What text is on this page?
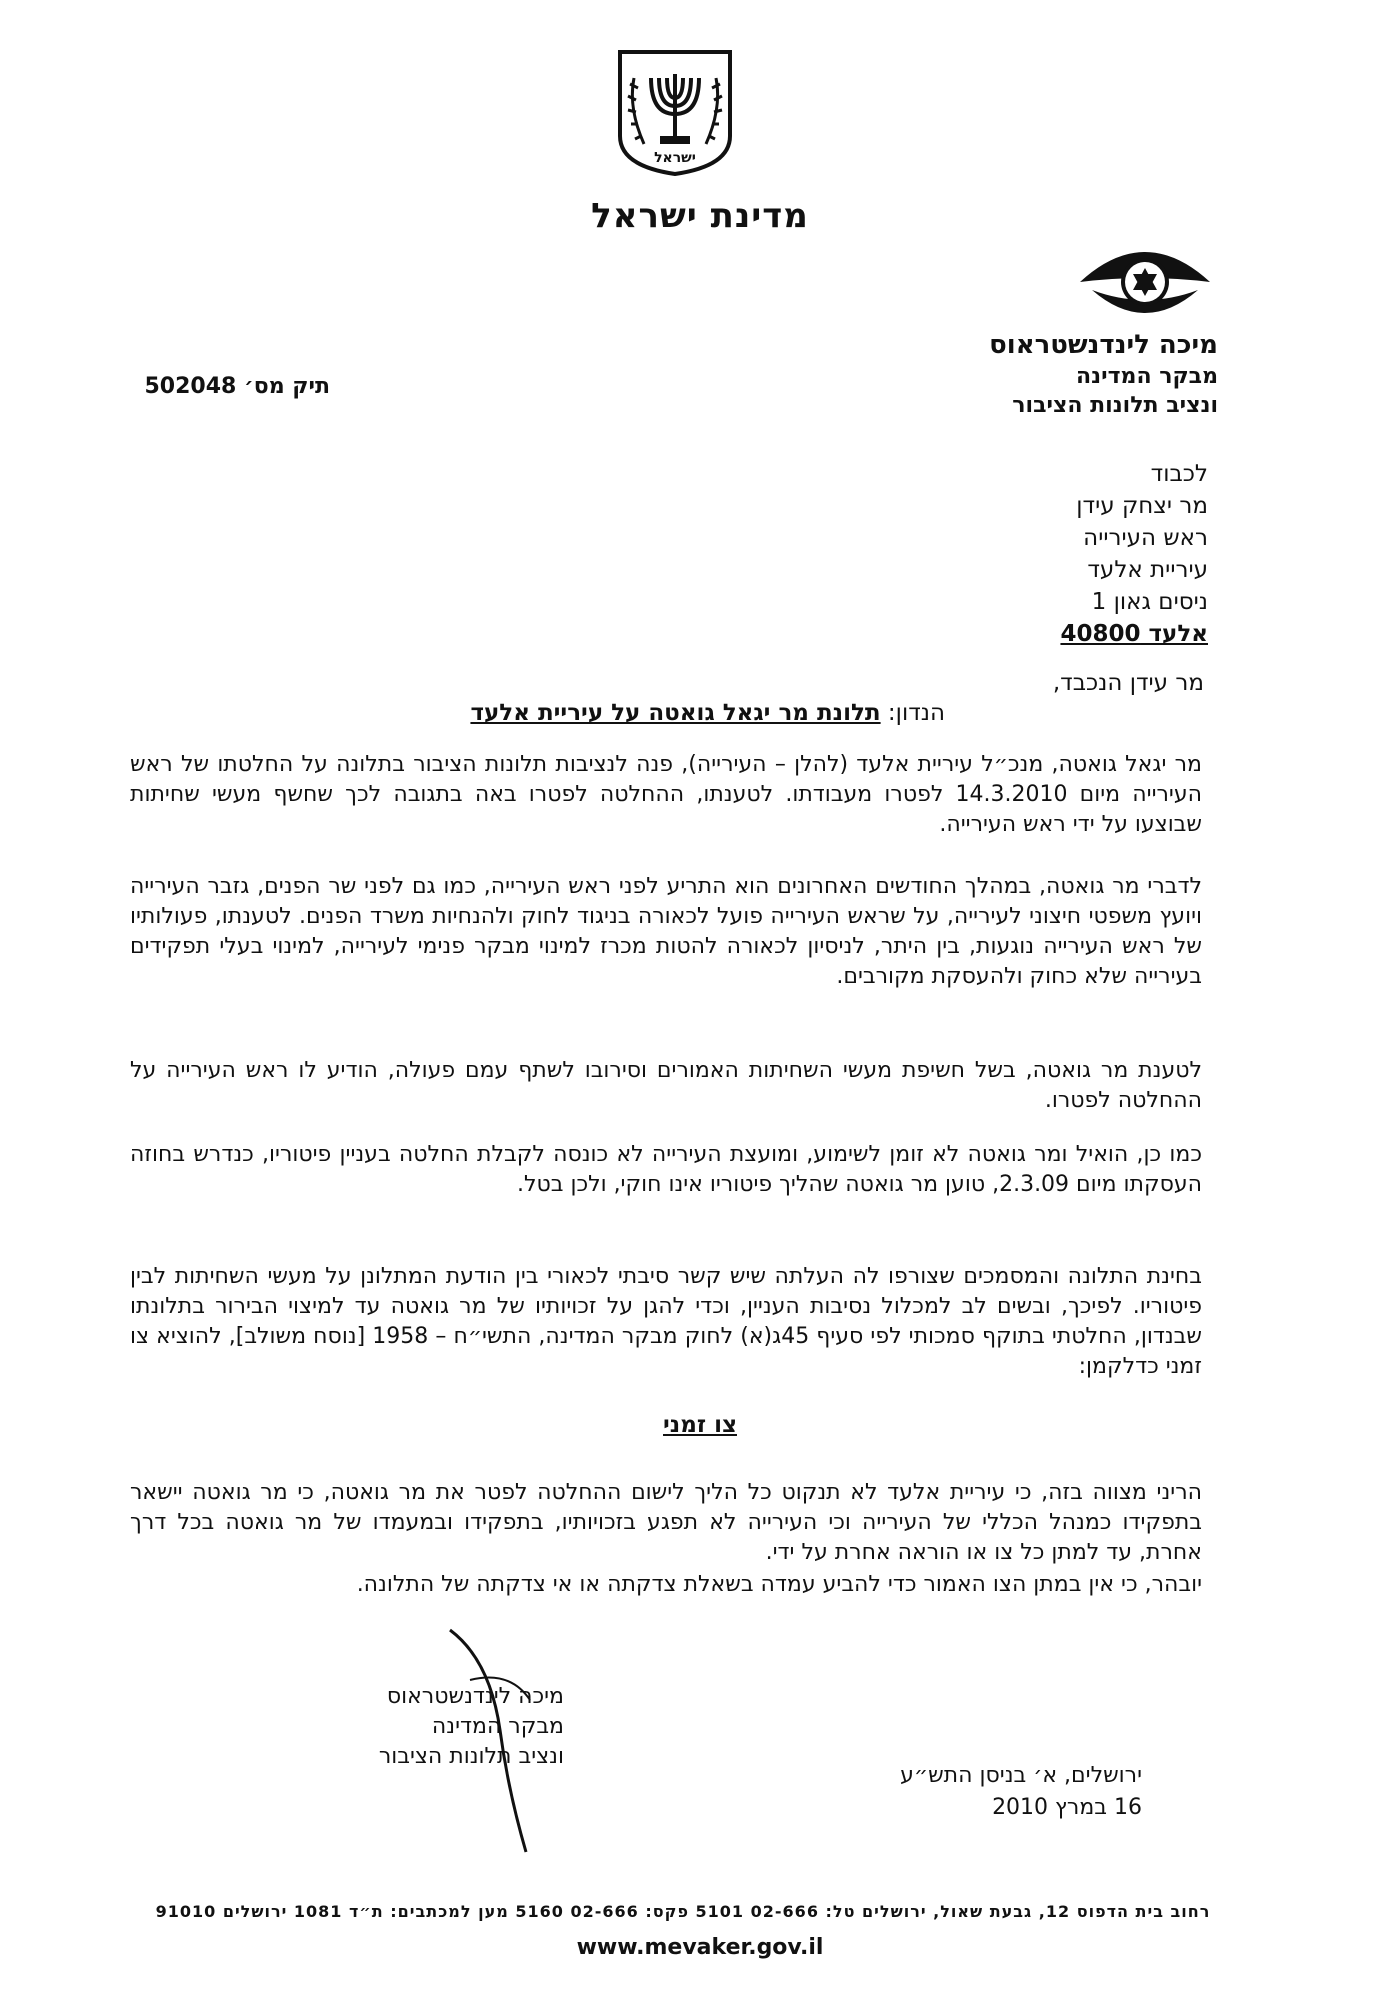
ישראל
מדינת ישראל
מיכה לינדנשטראוס
מבקר המדינה
ונציב תלונות הציבור
תיק מס׳ 502048
לכבוד
מר יצחק עידן
ראש העירייה
עיריית אלעד
ניסים גאון 1
אלעד 40800
מר עידן הנכבד,
הנדון: תלונת מר יגאל גואטה על עיריית אלעד
מר יגאל גואטה, מנכ״ל עיריית אלעד (להלן – העירייה), פנה לנציבות תלונות הציבור בתלונה על החלטתו של ראש העירייה מיום 14.3.2010 לפטרו מעבודתו. לטענתו, ההחלטה לפטרו באה בתגובה לכך שחשף מעשי שחיתות שבוצעו על ידי ראש העירייה.
לדברי מר גואטה, במהלך החודשים האחרונים הוא התריע לפני ראש העירייה, כמו גם לפני שר הפנים, גזבר העירייה ויועץ משפטי חיצוני לעירייה, על שראש העירייה פועל לכאורה בניגוד לחוק ולהנחיות משרד הפנים. לטענתו, פעולותיו של ראש העירייה נוגעות, בין היתר, לניסיון לכאורה להטות מכרז למינוי מבקר פנימי לעירייה, למינוי בעלי תפקידים בעירייה שלא כחוק ולהעסקת מקורבים.
לטענת מר גואטה, בשל חשיפת מעשי השחיתות האמורים וסירובו לשתף עמם פעולה, הודיע לו ראש העירייה על ההחלטה לפטרו.
כמו כן, הואיל ומר גואטה לא זומן לשימוע, ומועצת העירייה לא כונסה לקבלת החלטה בעניין פיטוריו, כנדרש בחוזה העסקתו מיום 2.3.09, טוען מר גואטה שהליך פיטוריו אינו חוקי, ולכן בטל.
בחינת התלונה והמסמכים שצורפו לה העלתה שיש קשר סיבתי לכאורי בין הודעת המתלונן על מעשי השחיתות לבין פיטוריו. לפיכך, ובשים לב למכלול נסיבות העניין, וכדי להגן על זכויותיו של מר גואטה עד למיצוי הבירור בתלונתו שבנדון, החלטתי בתוקף סמכותי לפי סעיף 45ג(א) לחוק מבקר המדינה, התשי״ח – 1958 [נוסח משולב], להוציא צו זמני כדלקמן:
צו זמני
הריני מצווה בזה, כי עיריית אלעד לא תנקוט כל הליך לישום ההחלטה לפטר את מר גואטה, כי מר גואטה יישאר בתפקידו כמנהל הכללי של העירייה וכי העירייה לא תפגע בזכויותיו, בתפקידו ובמעמדו של מר גואטה בכל דרך אחרת, עד למתן כל צו או הוראה אחרת על ידי.
יובהר, כי אין במתן הצו האמור כדי להביע עמדה בשאלת צדקתה או אי צדקתה של התלונה.
מיכה לינדנשטראוס
מבקר המדינה
ונציב תלונות הציבור
ירושלים, א׳ בניסן התש״ע
16 במרץ 2010
רחוב בית הדפוס 12, גבעת שאול, ירושלים טל: 02-666 5101 פקס: 02-666 5160 מען למכתבים: ת״ד 1081 ירושלים 91010
www.mevaker.gov.il
